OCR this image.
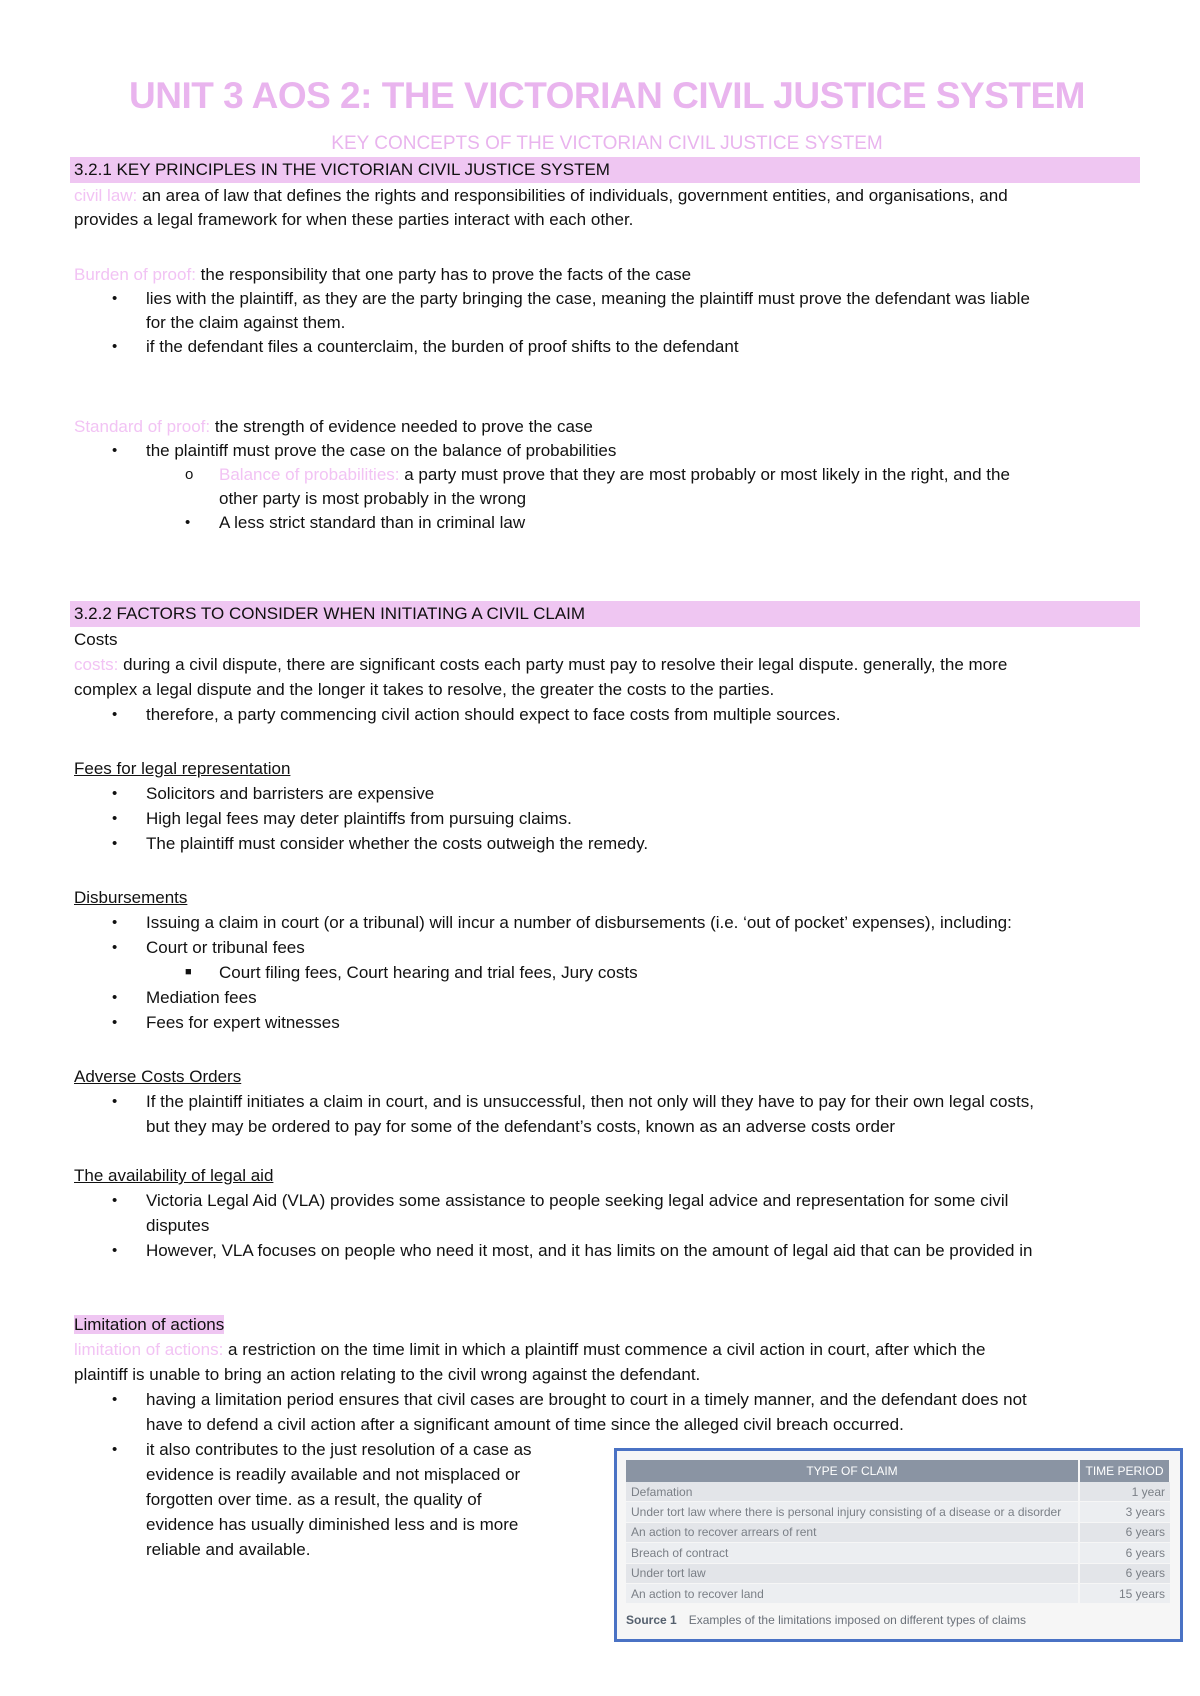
UNIT 3 AOS 2: THE VICTORIAN CIVIL JUSTICE SYSTEM
KEY CONCEPTS OF THE VICTORIAN CIVIL JUSTICE SYSTEM
3.2.1 KEY PRINCIPLES IN THE VICTORIAN CIVIL JUSTICE SYSTEM
civil law: an area of law that defines the rights and responsibilities of individuals, government entities, and organisations, and
provides a legal framework for when these parties interact with each other.
Burden of proof: the responsibility that one party has to prove the facts of the case
• lies with the plaintiff, as they are the party bringing the case, meaning the plaintiff must prove the defendant was liable
for the claim against them.
• if the defendant files a counterclaim, the burden of proof shifts to the defendant
Standard of proof: the strength of evidence needed to prove the case
• the plaintiff must prove the case on the balance of probabilities
o Balance of probabilities: a party must prove that they are most probably or most likely in the right, and the
other party is most probably in the wrong
• A less strict standard than in criminal law
3.2.2 FACTORS TO CONSIDER WHEN INITIATING A CIVIL CLAIM
Costs
costs: during a civil dispute, there are significant costs each party must pay to resolve their legal dispute. generally, the more
complex a legal dispute and the longer it takes to resolve, the greater the costs to the parties.
• therefore, a party commencing civil action should expect to face costs from multiple sources.
Fees for legal representation
• Solicitors and barristers are expensive
• High legal fees may deter plaintiffs from pursuing claims.
• The plaintiff must consider whether the costs outweigh the remedy.
Disbursements
• Issuing a claim in court (or a tribunal) will incur a number of disbursements (i.e. ‘out of pocket’ expenses), including:
• Court or tribunal fees
■ Court filing fees, Court hearing and trial fees, Jury costs
• Mediation fees
• Fees for expert witnesses
Adverse Costs Orders
• If the plaintiff initiates a claim in court, and is unsuccessful, then not only will they have to pay for their own legal costs,
but they may be ordered to pay for some of the defendant’s costs, known as an adverse costs order
The availability of legal aid
• Victoria Legal Aid (VLA) provides some assistance to people seeking legal advice and representation for some civil
disputes
• However, VLA focuses on people who need it most, and it has limits on the amount of legal aid that can be provided in
Limitation of actions
limitation of actions: a restriction on the time limit in which a plaintiff must commence a civil action in court, after which the
plaintiff is unable to bring an action relating to the civil wrong against the defendant.
• having a limitation period ensures that civil cases are brought to court in a timely manner, and the defendant does not
have to defend a civil action after a significant amount of time since the alleged civil breach occurred.
• it also contributes to the just resolution of a case as
evidence is readily available and not misplaced or
forgotten over time. as a result, the quality of
evidence has usually diminished less and is more
reliable and available.
TYPE OF CLAIM	TIME PERIOD
Defamation	1 year
Under tort law where there is personal injury consisting of a disease or a disorder	3 years
An action to recover arrears of rent	6 years
Breach of contract	6 years
Under tort law	6 years
An action to recover land	15 years
Source 1 Examples of the limitations imposed on different types of claims
